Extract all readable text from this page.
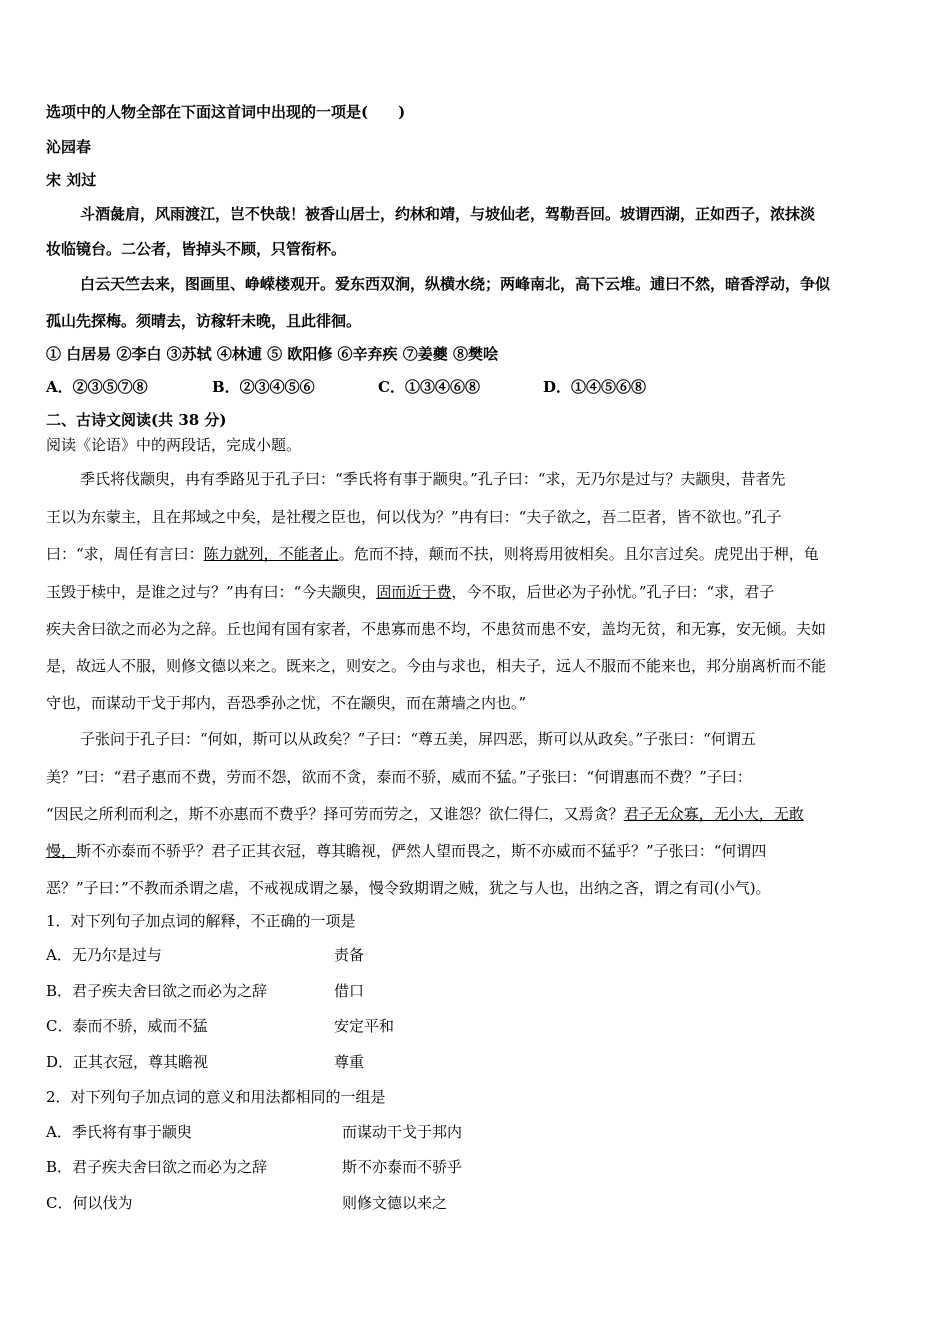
选项中的人物全部在下面这首词中出现的一项是(　　)
沁园春
宋 刘过
斗酒彘肩，风雨渡江，岂不快哉！被香山居士，约林和靖，与坡仙老，驾勒吾回。坡谓西湖，正如西子，浓抹淡
妆临镜台。二公者，皆掉头不顾，只管衔杯。
白云天竺去来，图画里、峥嵘楼观开。爱东西双涧，纵横水绕；两峰南北，高下云堆。逋曰不然，暗香浮动，争似
孤山先探梅。须晴去，访稼轩未晚，且此徘徊。
① 白居易 ②李白 ③苏轼 ④林逋 ⑤ 欧阳修 ⑥辛弃疾 ⑦姜夔 ⑧樊哙
A．②③⑤⑦⑧	B．②③④⑤⑥	C．①③④⑥⑧	D．①④⑤⑥⑧
二、古诗文阅读(共 38 分)
阅读《论语》中的两段话，完成小题。
季氏将伐颛臾，冉有季路见于孔子曰：“季氏将有事于颛臾。”孔子曰：“求，无乃尔是过与？夫颛臾，昔者先
王以为东蒙主，且在邦域之中矣，是社稷之臣也，何以伐为？”冉有曰：“夫子欲之，吾二臣者，皆不欲也。”孔子
曰：“求，周任有言曰：陈力就列，不能者止。危而不持，颠而不扶，则将焉用彼相矣。且尔言过矣。虎兕出于柙，龟
玉毁于椟中，是谁之过与？”冉有曰：“今夫颛臾，固而近于费，今不取，后世必为子孙忧。”孔子曰：“求，君子
疾夫舍曰欲之而必为之辞。丘也闻有国有家者，不患寡而患不均，不患贫而患不安，盖均无贫，和无寡，安无倾。夫如
是，故远人不服，则修文德以来之。既来之，则安之。今由与求也，相夫子，远人不服而不能来也，邦分崩离析而不能
守也，而谋动干戈于邦内，吾恐季孙之忧，不在颛臾，而在萧墙之内也。”
子张问于孔子曰：“何如，斯可以从政矣？”子曰：“尊五美，屏四恶，斯可以从政矣。”子张曰：“何谓五
美？”曰：“君子惠而不费，劳而不怨，欲而不贪，泰而不骄，威而不猛。”子张曰：“何谓惠而不费？”子曰：
“因民之所利而利之，斯不亦惠而不费乎？择可劳而劳之，又谁怨？欲仁得仁，又焉贪？君子无众寡，无小大，无敢
慢，斯不亦泰而不骄乎？君子正其衣冠，尊其瞻视，俨然人望而畏之，斯不亦威而不猛乎？”子张曰：“何谓四
恶？”子曰：”不教而杀谓之虐，不戒视成谓之暴，慢令致期谓之贼，犹之与人也，出纳之吝，谓之有司(小气)。
1．对下列句子加点词的解释，不正确的一项是
A．无乃尔是过与	责备
B．君子疾夫舍曰欲之而必为之辞	借口
C．泰而不骄，威而不猛	安定平和
D．正其衣冠，尊其瞻视	尊重
2．对下列句子加点词的意义和用法都相同的一组是
A．季氏将有事于颛臾	而谋动干戈于邦内
B．君子疾夫舍曰欲之而必为之辞	斯不亦泰而不骄乎
C．何以伐为	则修文德以来之
